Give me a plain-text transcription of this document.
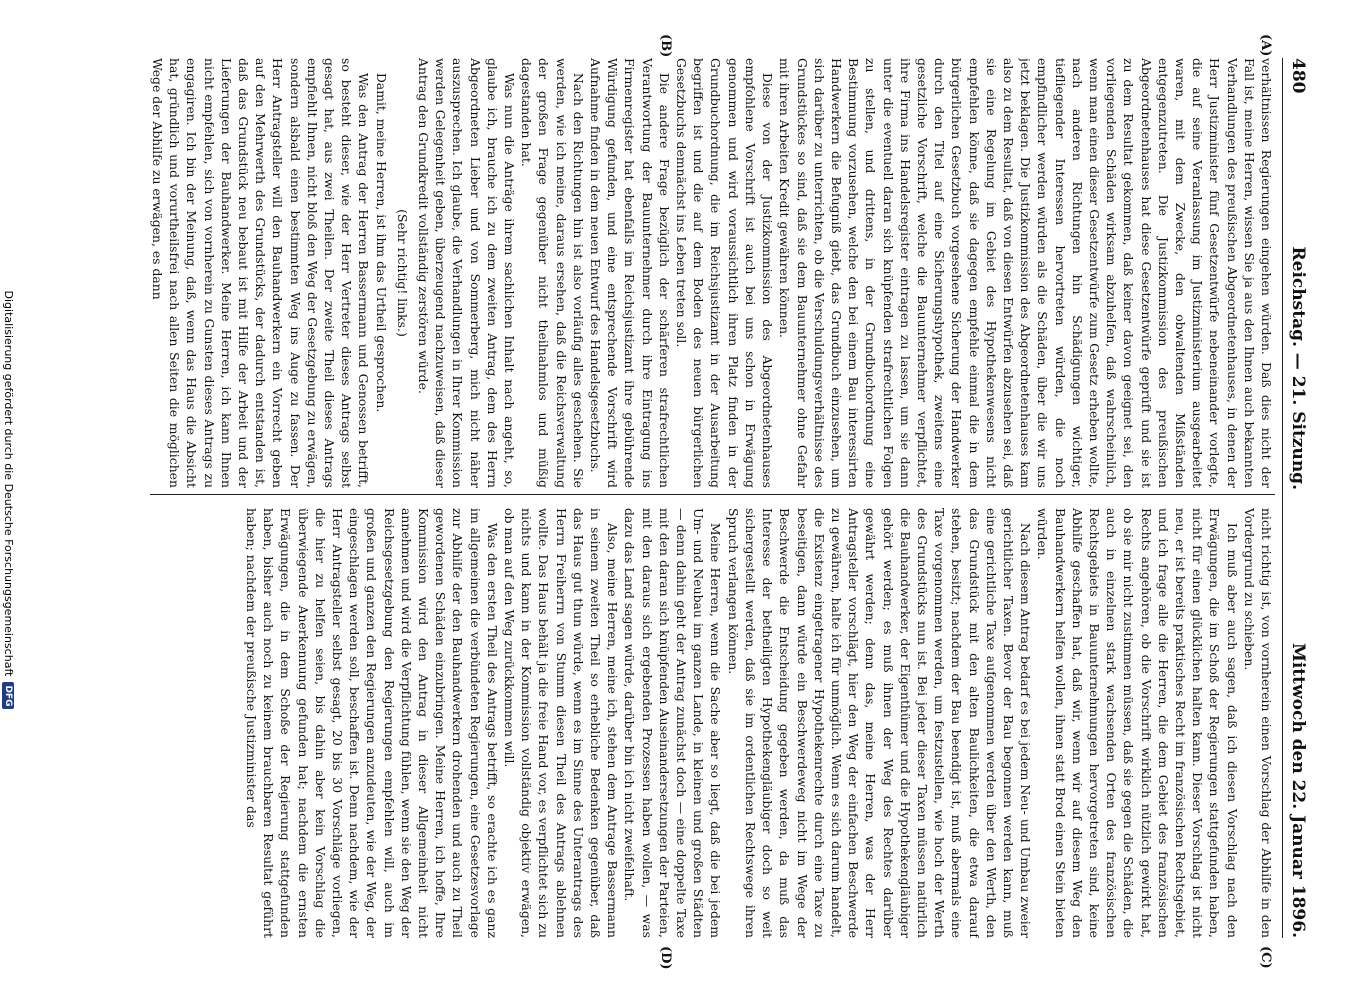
480
Reichstag. — 21. Sitzung.
Mittwoch den 22. Januar 1896.
(A)
(B)
(C)
(D)

verhältnissen Regierungen eingehen würden. Daß dies nicht der Fall ist, meine Herren, wissen Sie ja aus den Ihnen auch bekannten Verhandlungen des preußischen Abgeordnetenhauses, in denen der Herr Justizminister fünf Gesetzentwürfe nebeneinander vorlegte, die auf seine Veranlassung im Justizministerium ausgearbeitet waren, mit dem Zwecke, den obwaltenden Mißständen entgegenzutreten. Die Justizkommission des preußischen Abgeordnetenhauses hat diese Gesetzentwürfe geprüft und sie ist zu dem Resultat gekommen, daß keiner davon geeignet sei, den vorliegenden Schäden wirksam abzuhelfen, daß wahrscheinlich, wenn man einen dieser Gesetzentwürfe zum Gesetz erheben wollte, nach anderen Richtungen hin Schädigungen wichtiger, tiefliegender Interessen hervortreten würden, die noch empfindlicher werden würden als die Schäden, über die wir uns jetzt beklagen. Die Justizkommission des Abgeordnetenhauses kam also zu dem Resultat, daß von diesen Entwürfen abzusehen sei, daß sie eine Regelung im Gebiet des Hypothekenwesens nicht empfehlen könne, daß sie dagegen empfehle einmal die in dem bürgerlichen Gesetzbuch vorgesehene Sicherung der Handwerker durch den Titel auf eine Sicherungshypothek, zweitens eine gesetzliche Vorschrift, welche die Bauunternehmer verpflichtet, ihre Firma ins Handelsregister eintragen zu lassen, um sie dann unter die eventuell daran sich knüpfenden strafrechtlichen Folgen zu stellen, und drittens, in der Grundbuchordnung eine Bestimmung vorzusehen, welche den bei einem Bau interessirten Handwerkern die Befugniß giebt, das Grundbuch einzusehen, um sich darüber zu unterrichten, ob die Verschuldungsverhältnisse des Grundstückes so sind, daß sie dem Bauunternehmer ohne Gefahr mit ihren Arbeiten Kredit gewähren können.

Diese von der Justizkommission des Abgeordnetenhauses empfohlene Vorschrift ist auch bei uns schon in Erwägung genommen und wird voraussichtlich ihren Platz finden in der Grundbuchordnung, die im Reichsjustizamt in der Ausarbeitung begriffen ist und die auf dem Boden des neuen bürgerlichen Gesetzbuchs demnächst ins Leben treten soll.

Die andere Frage bezüglich der schärferen strafrechtlichen Verantwortung der Bauunternehmer durch ihre Eintragung ins Firmenregister hat ebenfalls im Reichsjustizamt ihre gebührende Würdigung gefunden, und eine entsprechende Vorschrift wird Aufnahme finden in dem neuen Entwurf des Handelsgesetzbuchs.

Nach den Richtungen hin ist also vorläufig alles geschehen. Sie werden, wie ich meine, daraus ersehen, daß die Reichsverwaltung der großen Frage gegenüber nicht theilnahmlos und müßig dagestanden hat.

Was nun die Anträge ihrem sachlichen Inhalt nach angeht, so, glaube ich, brauche ich zu dem zweiten Antrag, dem des Herrn Abgeordneten Lieber und von Sommerberg, mich nicht näher auszusprechen. Ich glaube, die Verhandlungen in Ihrer Kommission werden Gelegenheit geben, überzeugend nachzuweisen, daß dieser Antrag den Grundkredit vollständig zerstören würde.

(Sehr richtig! links.)

Damit, meine Herren, ist ihm das Urtheil gesprochen.

Was den Antrag der Herren Bassermann und Genossen betrifft, so besteht dieser, wie der Herr Vertreter dieses Antrags selbst gesagt hat, aus zwei Theilen. Der zweite Theil dieses Antrags empfiehlt Ihnen, nicht bloß den Weg der Gesetzgebung zu erwägen, sondern alsbald einen bestimmten Weg ins Auge zu fassen. Der Herr Antragsteller will den Bauhandwerkern ein Vorrecht geben auf den Mehrwerth des Grundstücks, der dadurch entstanden ist, daß das Grundstück neu bebaut ist mit Hilfe der Arbeit und der Lieferungen der Bauhandwerker. Meine Herren, ich kann Ihnen nicht empfehlen, sich von vornherein zu Gunsten dieses Antrags zu engagiren. Ich bin der Meinung, daß, wenn das Haus die Absicht hat, gründlich und vorurtheilsfrei nach allen Seiten die möglichen Wege der Abhilfe zu erwägen, es dann

nicht richtig ist, von vornherein einen Vorschlag der Abhilfe in den Vordergrund zu schieben.

Ich muß aber auch sagen, daß ich diesen Vorschlag nach den Erwägungen, die im Schoß der Regierungen stattgefunden haben, nicht für einen glücklichen halten kann. Dieser Vorschlag ist nicht neu, er ist bereits praktisches Recht im französischen Rechtsgebiet, und ich frage alle die Herren, die dem Gebiet des französischen Rechts angehören, ob die Vorschrift wirklich nützlich gewirkt hat, ob sie mir nicht zustimmen müssen, daß sie gegen die Schäden, die auch in einzelnen stark wachsenden Orten des französischen Rechtsgebiets in Bauunternehmungen hervorgetreten sind, keine Abhilfe geschaffen hat, daß wir, wenn wir auf diesem Weg den Bauhandwerkern helfen wollen, ihnen statt Brod einen Stein bieten würden.

Nach diesem Antrag bedarf es bei jedem Neu- und Umbau zweier gerichtlicher Taxen. Bevor der Bau begonnen werden kann, muß eine gerichtliche Taxe aufgenommen werden über den Werth, den das Grundstück mit den alten Baulichkeiten, die etwa darauf stehen, besitzt; nachdem der Bau beendigt ist, muß abermals eine Taxe vorgenommen werden, um festzustellen, wie hoch der Werth des Grundstücks nun ist. Bei jeder dieser Taxen müssen natürlich die Bauhandwerker, der Eigenthümer und die Hypothekengläubiger gehört werden; es muß ihnen der Weg des Rechtes darüber gewährt werden; denn das, meine Herren, was der Herr Antragsteller vorschlägt, hier den Weg der einfachen Beschwerde zu gewähren, halte ich für unmöglich. Wenn es sich darum handelt, die Existenz eingetragener Hypothekenrechte durch eine Taxe zu beseitigen, dann würde ein Beschwerdeweg nicht im Wege der Beschwerde die Entscheidung gegeben werden, da muß das Interesse der betheiligten Hypothekengläubiger doch so weit sichergestellt werden, daß sie im ordentlichen Rechtswege ihren Spruch verlangen können.

Meine Herren, wenn die Sache aber so liegt, daß die bei jedem Um- und Neubau im ganzen Lande, in kleinen und großen Städten — denn dahin geht der Antrag zunächst doch — eine doppelte Taxe mit den daran sich knüpfenden Auseinandersetzungen der Parteien, mit den daraus sich ergebenden Prozessen haben wollen, — was dazu das Land sagen würde, darüber bin ich nicht zweifelhaft.

Also, meine Herren, meine ich, stehen dem Antrage Bassermann in seinem zweiten Theil so erhebliche Bedenken gegenüber, daß das Haus gut thun würde, wenn es im Sinne des Unterantrags des Herrn Freiherrn von Stumm diesen Theil des Antrags ablehnen wollte. Das Haus behält ja die freie Hand vor, es verpflichtet sich zu nichts und kann in der Kommission vollständig objektiv erwägen, ob man auf den Weg zurückkommen will.

Was den ersten Theil des Antrags betrifft, so erachte ich es ganz im allgemeinen die verbündeten Regierungen, eine Gesetzesvorlage zur Abhilfe der den Bauhandwerkern drohenden und auch zu Theil gewordenen Schäden einzubringen. Meine Herren, ich hoffe, Ihre Kommission wird den Antrag in dieser Allgemeinheit nicht annehmen und wird die Verpflichtung fühlen, wenn sie den Weg der Reichsgesetzgebung den Regierungen empfehlen will, auch im großen und ganzen den Regierungen anzudeuten, wie der Weg, der eingeschlagen werden soll, beschaffen ist. Denn nachdem, wie der Herr Antragsteller selbst gesagt, 20 bis 30 Vorschläge vorliegen, die hier zu helfen seien, bis dahin aber kein Vorschlag die überwiegende Anerkennung gefunden hat; nachdem die ernsten Erwägungen, die in dem Schoße der Regierung stattgefunden haben, bisher auch noch zu keinem brauchbaren Resultat geführt haben; nachdem der preußische Justizminister das

Digitalisierung gefördert durch die Deutsche Forschungsgemeinschaft
DFG
